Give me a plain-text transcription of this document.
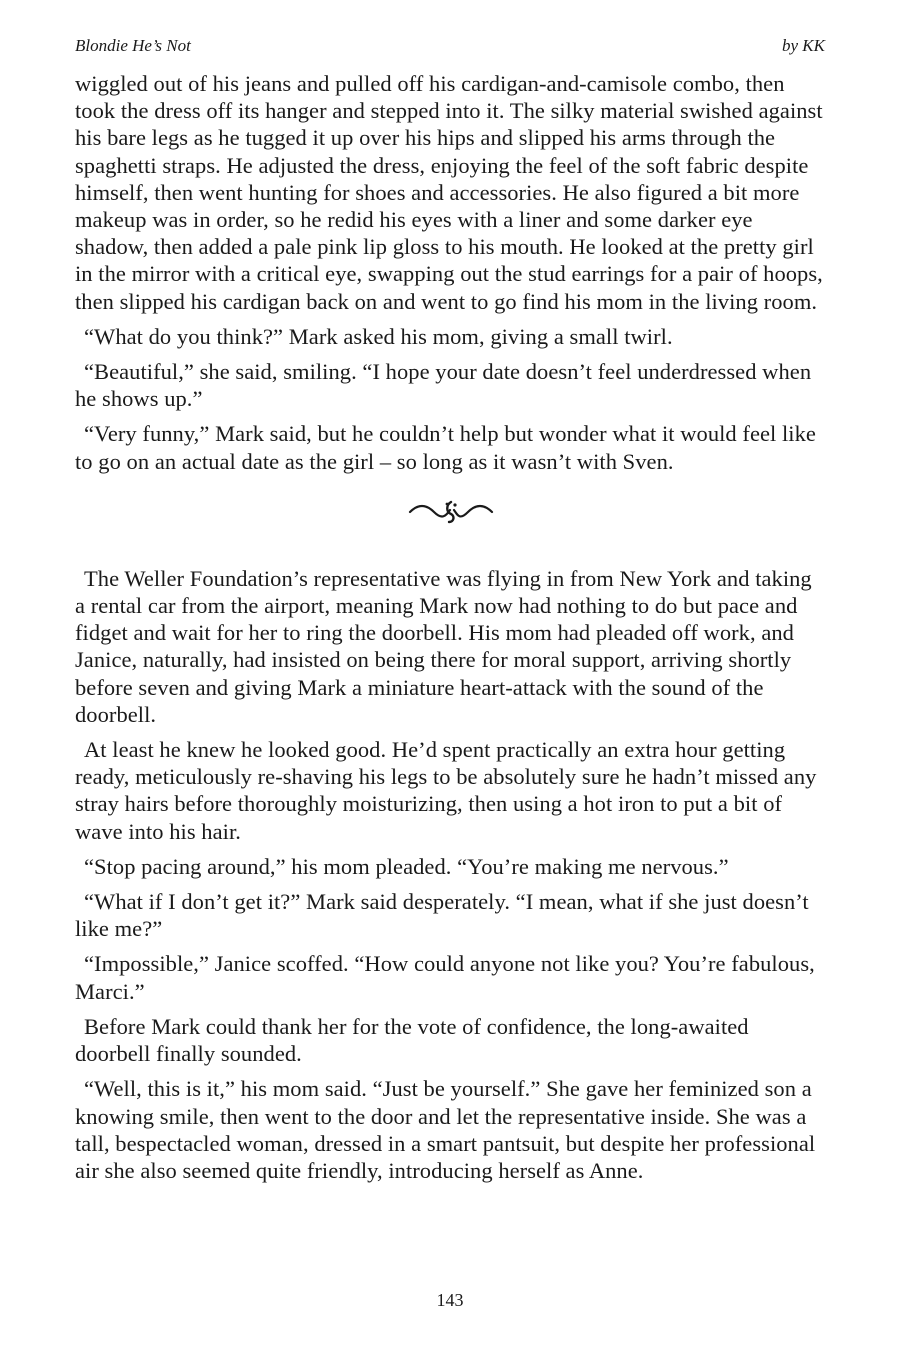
Blondie He’s Not	by KK

wiggled out of his jeans and pulled off his cardigan-and-camisole combo, then took the dress off its hanger and stepped into it. The silky material swished against his bare legs as he tugged it up over his hips and slipped his arms through the spaghetti straps. He adjusted the dress, enjoying the feel of the soft fabric despite himself, then went hunting for shoes and accessories. He also figured a bit more makeup was in order, so he redid his eyes with a liner and some darker eye shadow, then added a pale pink lip gloss to his mouth. He looked at the pretty girl in the mirror with a critical eye, swapping out the stud earrings for a pair of hoops, then slipped his cardigan back on and went to go find his mom in the living room.

“What do you think?” Mark asked his mom, giving a small twirl.

“Beautiful,” she said, smiling. “I hope your date doesn’t feel underdressed when he shows up.”

“Very funny,” Mark said, but he couldn’t help but wonder what it would feel like to go on an actual date as the girl – so long as it wasn’t with Sven.

The Weller Foundation’s representative was flying in from New York and taking a rental car from the airport, meaning Mark now had nothing to do but pace and fidget and wait for her to ring the doorbell. His mom had pleaded off work, and Janice, naturally, had insisted on being there for moral support, arriving shortly before seven and giving Mark a miniature heart-attack with the sound of the doorbell.

At least he knew he looked good. He’d spent practically an extra hour getting ready, meticulously re-shaving his legs to be absolutely sure he hadn’t missed any stray hairs before thoroughly moisturizing, then using a hot iron to put a bit of wave into his hair.

“Stop pacing around,” his mom pleaded. “You’re making me nervous.”

“What if I don’t get it?” Mark said desperately. “I mean, what if she just doesn’t like me?”

“Impossible,” Janice scoffed. “How could anyone not like you? You’re fabulous, Marci.”

Before Mark could thank her for the vote of confidence, the long-awaited doorbell finally sounded.

“Well, this is it,” his mom said. “Just be yourself.” She gave her feminized son a knowing smile, then went to the door and let the representative inside. She was a tall, bespectacled woman, dressed in a smart pantsuit, but despite her professional air she also seemed quite friendly, introducing herself as Anne.

143
